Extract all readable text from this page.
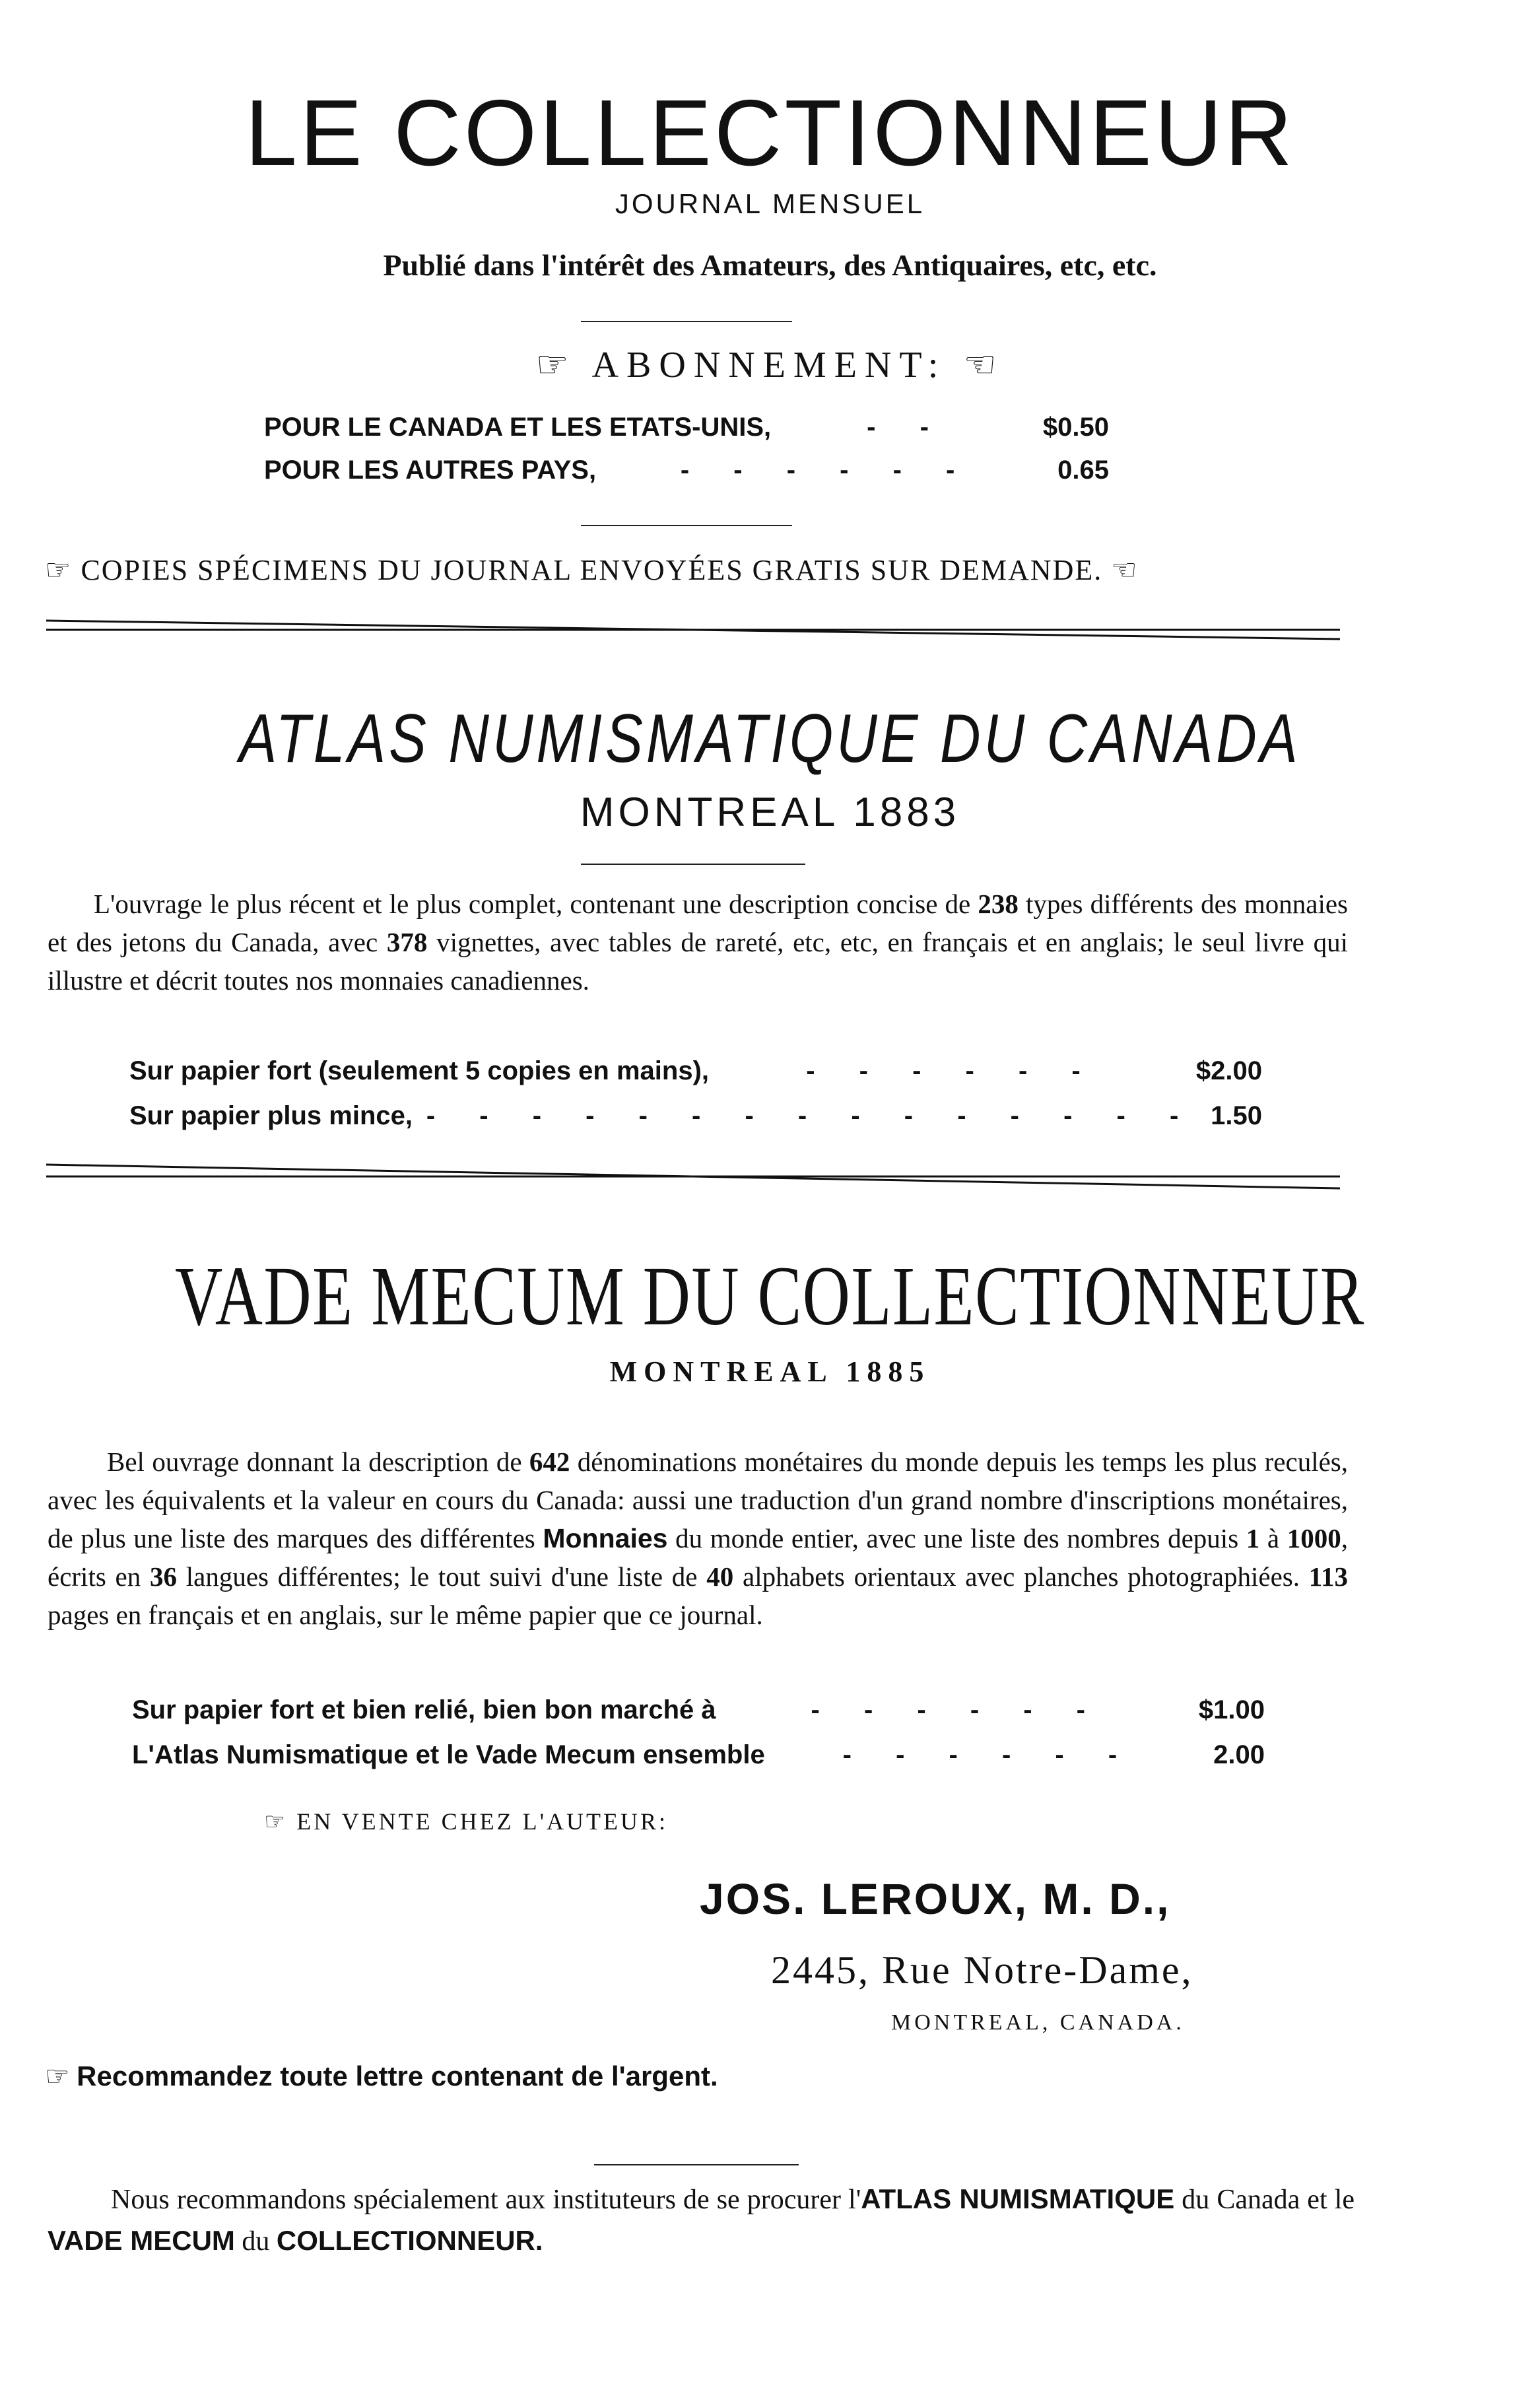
LE COLLECTIONNEUR
JOURNAL MENSUEL
Publié dans l'intérêt des Amateurs, des Antiquaires, etc, etc.
☞ ABONNEMENT: ☜
POUR LE CANADA ET LES ETATS-UNIS,	- -	$0.50
POUR LES AUTRES PAYS,	- - - - - -	0.65
☞ COPIES SPÉCIMENS DU JOURNAL ENVOYÉES GRATIS SUR DEMANDE. ☜
ATLAS NUMISMATIQUE DU CANADA
MONTREAL 1883
L'ouvrage le plus récent et le plus complet, contenant une description concise de 238 types différents des monnaies et des jetons du Canada, avec 378 vignettes, avec tables de rareté, etc, etc, en français et en anglais; le seul livre qui illustre et décrit toutes nos monnaies canadiennes.
Sur papier fort (seulement 5 copies en mains),	- - - - - -	$2.00
Sur papier plus mince, - - - - - - - - - - - - - - - 1.50
VADE MECUM DU COLLECTIONNEUR
MONTREAL 1885
Bel ouvrage donnant la description de 642 dénominations monétaires du monde depuis les temps les plus reculés, avec les équivalents et la valeur en cours du Canada: aussi une traduction d'un grand nombre d'inscriptions monétaires, de plus une liste des marques des différentes Monnaies du monde entier, avec une liste des nombres depuis 1 à 1000, écrits en 36 langues différentes; le tout suivi d'une liste de 40 alphabets orientaux avec planches photographiées. 113 pages en français et en anglais, sur le même papier que ce journal.
Sur papier fort et bien relié, bien bon marché à	- - - - - -	$1.00
L'Atlas Numismatique et le Vade Mecum ensemble	- - - - - -	2.00
☞ EN VENTE CHEZ L'AUTEUR:
JOS. LEROUX, M. D.,
2445, Rue Notre-Dame,
MONTREAL, CANADA.
☞ Recommandez toute lettre contenant de l'argent.
Nous recommandons spécialement aux instituteurs de se procurer l'ATLAS NUMISMATIQUE du Canada et le VADE MECUM du COLLECTIONNEUR.
